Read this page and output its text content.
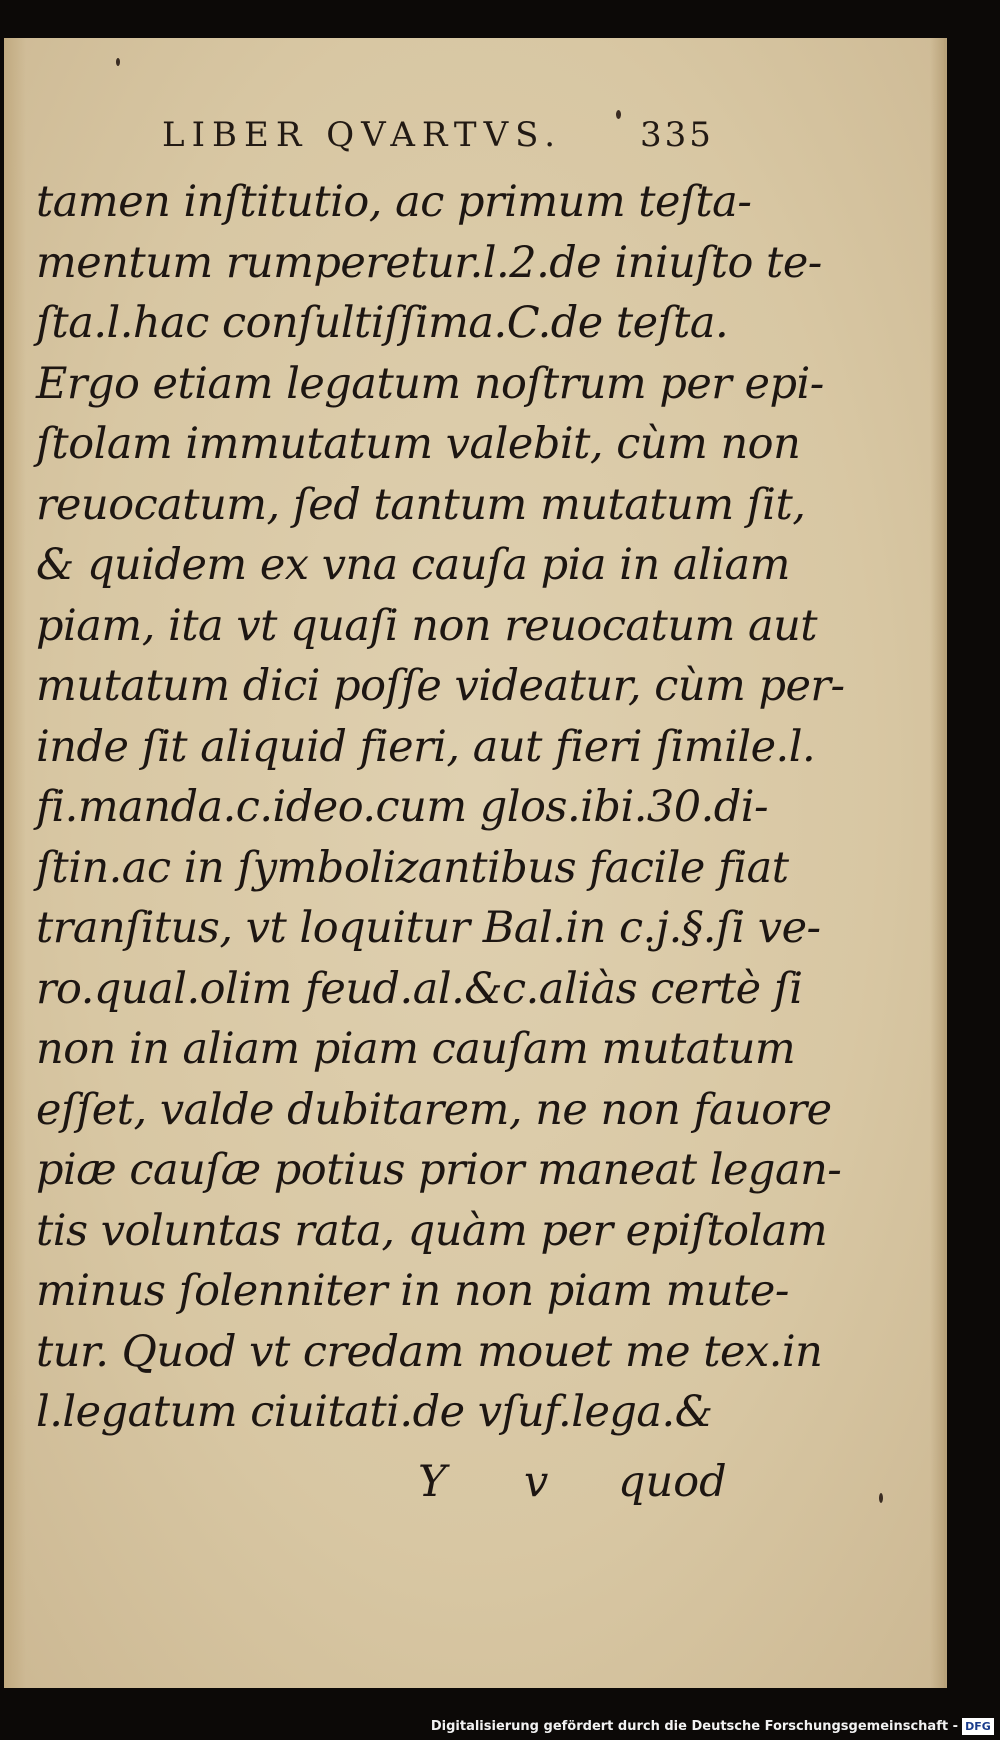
LIBER QVARTVS. 335
tamen inſtitutio, ac primum teſta-
mentum rumperetur.l.2.de iniuſto te-
ſta.l.hac conſultiſſima.C.de teſta.
Ergo etiam legatum noſtrum per epi-
ſtolam immutatum valebit, cùm non
reuocatum, ſed tantum mutatum ſit,
& quidem ex vna cauſa pia in aliam
piam, ita vt quaſi non reuocatum aut
mutatum dici poſſe videatur, cùm per-
inde ſit aliquid fieri, aut fieri ſimile.l.
fi.manda.c.ideo.cum glos.ibi.30.di-
ſtin.ac in ſymbolizantibus facile fiat
tranſitus, vt loquitur Bal.in c.j.§.ſi ve-
ro.qual.olim feud.al.&c.aliàs certè ſi
non in aliam piam cauſam mutatum
eſſet, valde dubitarem, ne non fauore
piæ cauſæ potius prior maneat legan-
tis voluntas rata, quàm per epiſtolam
minus ſolenniter in non piam mute-
tur. Quod vt credam mouet me tex.in
l.legatum ciuitati.de vſuf.lega.&
Y v quod
Digitalisierung gefördert durch die Deutsche Forschungsgemeinschaft - DFG
